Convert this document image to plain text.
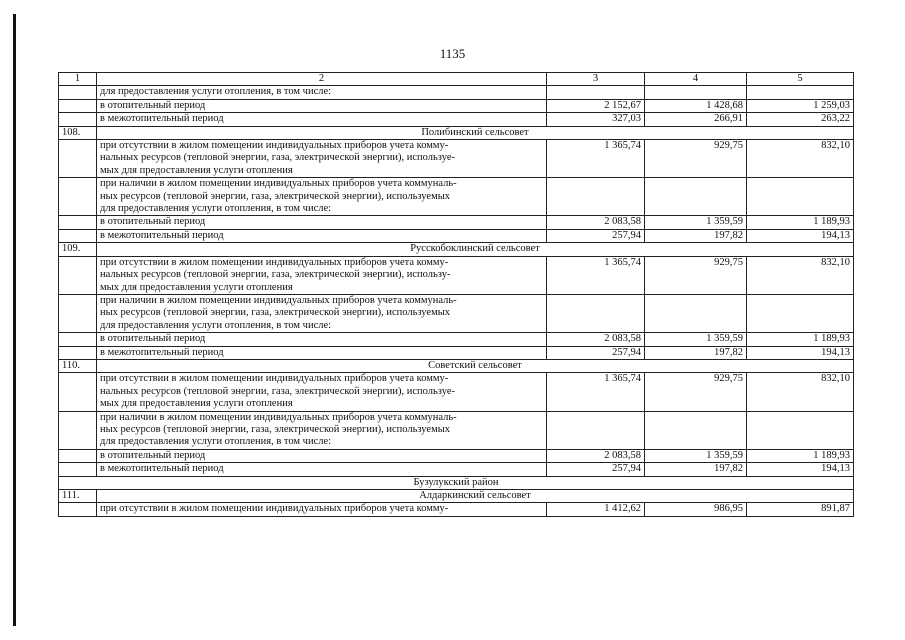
1135
1	2	3	4	5
	для предоставления услуги отопления, в том числе:			
	в отопительный период	2 152,67	1 428,68	1 259,03
	в межотопительный период	327,03	266,91	263,22
108.	Полибинский сельсовет			
	при отсутствии в жилом помещении индивидуальных приборов учета комму-
нальных ресурсов (тепловой энергии, газа, электрической энергии), используе-
мых для предоставления услуги отопления	1 365,74	929,75	832,10
	при наличии в жилом помещении индивидуальных приборов учета коммуналь-
ных ресурсов (тепловой энергии, газа, электрической энергии), используемых
для предоставления услуги отопления, в том числе:			
	в отопительный период	2 083,58	1 359,59	1 189,93
	в межотопительный период	257,94	197,82	194,13
109.	Русскобоклинский сельсовет			
	при отсутствии в жилом помещении индивидуальных приборов учета комму-
нальных ресурсов (тепловой энергии, газа, электрической энергии), использу-
мых для предоставления услуги отопления	1 365,74	929,75	832,10
	при наличии в жилом помещении индивидуальных приборов учета коммуналь-
ных ресурсов (тепловой энергии, газа, электрической энергии), используемых
для предоставления услуги отопления, в том числе:			
	в отопительный период	2 083,58	1 359,59	1 189,93
	в межотопительный период	257,94	197,82	194,13
110.	Советский сельсовет			
	при отсутствии в жилом помещении индивидуальных приборов учета комму-
нальных ресурсов (тепловой энергии, газа, электрической энергии), используе-
мых для предоставления услуги отопления	1 365,74	929,75	832,10
	при наличии в жилом помещении индивидуальных приборов учета коммуналь-
ных ресурсов (тепловой энергии, газа, электрической энергии), используемых
для предоставления услуги отопления, в том числе:			
	в отопительный период	2 083,58	1 359,59	1 189,93
	в межотопительный период	257,94	197,82	194,13
Бузулукский район				
111.	Алдаркинский сельсовет			
	при отсутствии в жилом помещении индивидуальных приборов учета комму-	1 412,62	986,95	891,87
